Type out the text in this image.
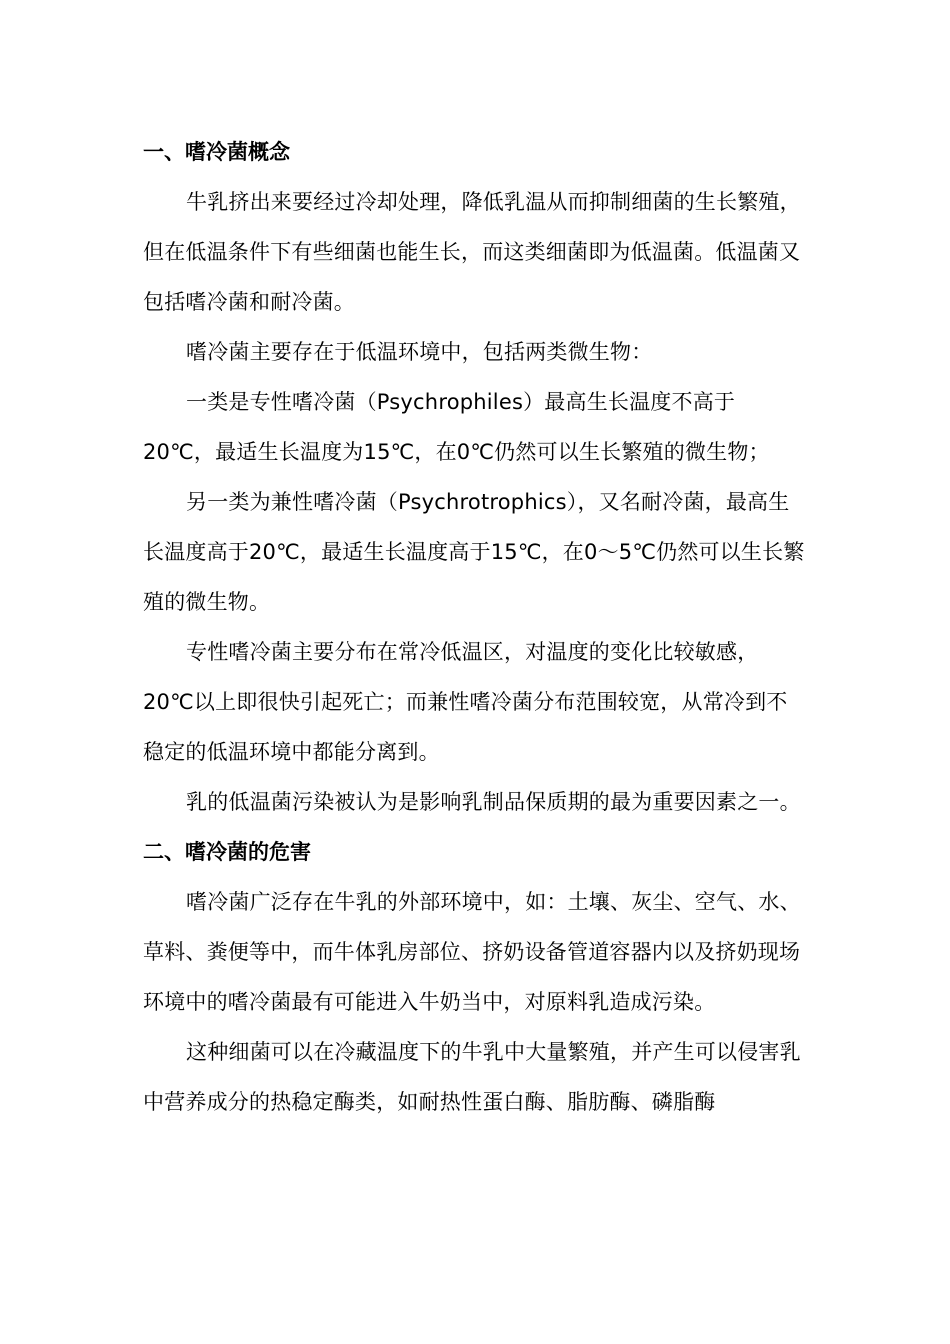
一、嗜冷菌概念

牛乳挤出来要经过冷却处理，降低乳温从而抑制细菌的生长繁殖，但在低温条件下有些细菌也能生长，而这类细菌即为低温菌。低温菌又包括嗜冷菌和耐冷菌。

嗜冷菌主要存在于低温环境中，包括两类微生物：

一类是专性嗜冷菌（Psychrophiles）最高生长温度不高于20℃，最适生长温度为15℃，在0℃仍然可以生长繁殖的微生物；

另一类为兼性嗜冷菌（Psychrotrophics），又名耐冷菌，最高生长温度高于20℃，最适生长温度高于15℃，在0～5℃仍然可以生长繁殖的微生物。

专性嗜冷菌主要分布在常冷低温区，对温度的变化比较敏感，20℃以上即很快引起死亡；而兼性嗜冷菌分布范围较宽，从常冷到不稳定的低温环境中都能分离到。

乳的低温菌污染被认为是影响乳制品保质期的最为重要因素之一。

二、嗜冷菌的危害

嗜冷菌广泛存在牛乳的外部环境中，如：土壤、灰尘、空气、水、草料、粪便等中，而牛体乳房部位、挤奶设备管道容器内以及挤奶现场环境中的嗜冷菌最有可能进入牛奶当中，对原料乳造成污染。

这种细菌可以在冷藏温度下的牛乳中大量繁殖，并产生可以侵害乳中营养成分的热稳定酶类，如耐热性蛋白酶、脂肪酶、磷脂酶
